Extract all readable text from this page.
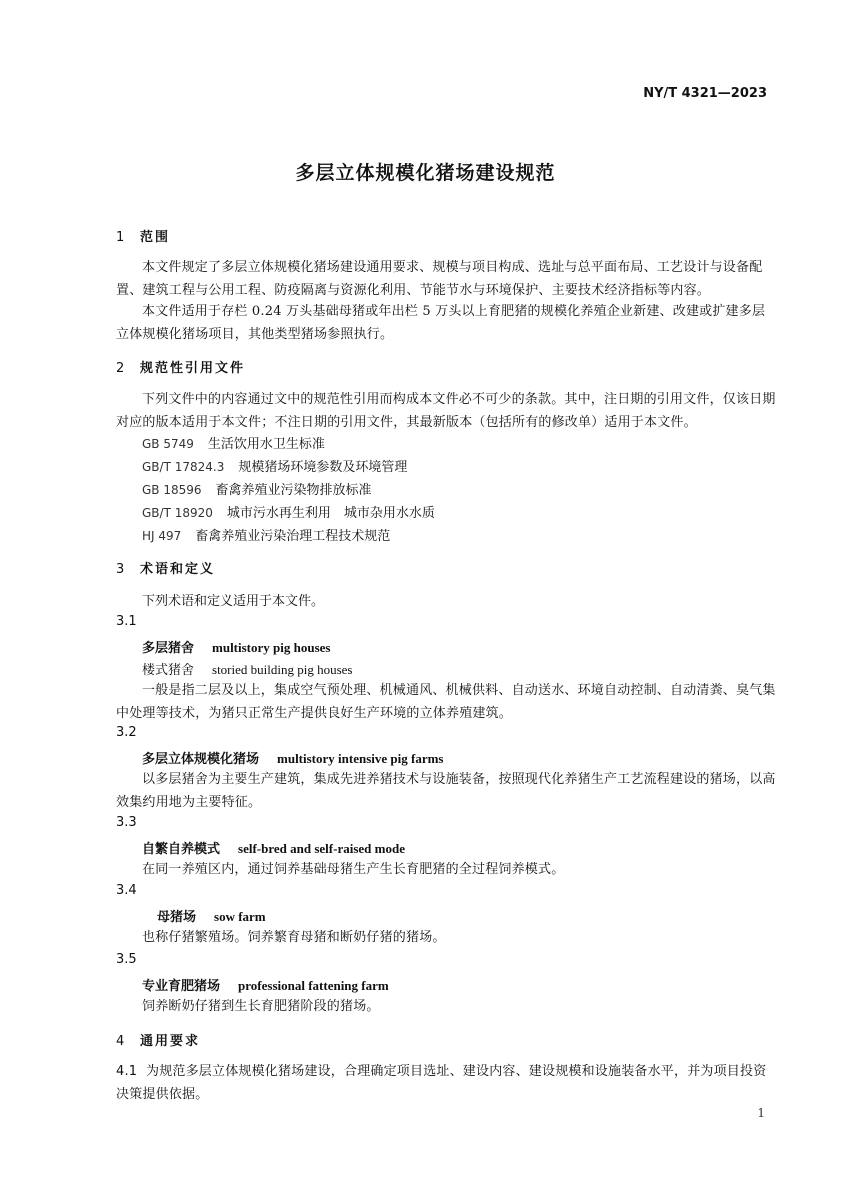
NY/T 4321—2023
多层立体规模化猪场建设规范
1 范围
本文件规定了多层立体规模化猪场建设通用要求、规模与项目构成、选址与总平面布局、工艺设计与设备配置、建筑工程与公用工程、防疫隔离与资源化利用、节能节水与环境保护、主要技术经济指标等内容。
本文件适用于存栏 0.24 万头基础母猪或年出栏 5 万头以上育肥猪的规模化养殖企业新建、改建或扩建多层立体规模化猪场项目，其他类型猪场参照执行。
2 规范性引用文件
下列文件中的内容通过文中的规范性引用而构成本文件必不可少的条款。其中，注日期的引用文件，仅该日期对应的版本适用于本文件；不注日期的引用文件，其最新版本（包括所有的修改单）适用于本文件。
GB 5749 生活饮用水卫生标准
GB/T 17824.3 规模猪场环境参数及环境管理
GB 18596 畜禽养殖业污染物排放标准
GB/T 18920 城市污水再生利用　城市杂用水水质
HJ 497 畜禽养殖业污染治理工程技术规范
3 术语和定义
下列术语和定义适用于本文件。
3.1
多层猪舍 multistory pig houses
楼式猪舍 storied building pig houses
一般是指二层及以上，集成空气预处理、机械通风、机械供料、自动送水、环境自动控制、自动清粪、臭气集中处理等技术，为猪只正常生产提供良好生产环境的立体养殖建筑。
3.2
多层立体规模化猪场 multistory intensive pig farms
以多层猪舍为主要生产建筑，集成先进养猪技术与设施装备，按照现代化养猪生产工艺流程建设的猪场，以高效集约用地为主要特征。
3.3
自繁自养模式 self-bred and self-raised mode
在同一养殖区内，通过饲养基础母猪生产生长育肥猪的全过程饲养模式。
3.4
母猪场 sow farm
也称仔猪繁殖场。饲养繁育母猪和断奶仔猪的猪场。
3.5
专业育肥猪场 professional fattening farm
饲养断奶仔猪到生长育肥猪阶段的猪场。
4 通用要求
4.1 为规范多层立体规模化猪场建设，合理确定项目选址、建设内容、建设规模和设施装备水平，并为项目投资决策提供依据。
1
